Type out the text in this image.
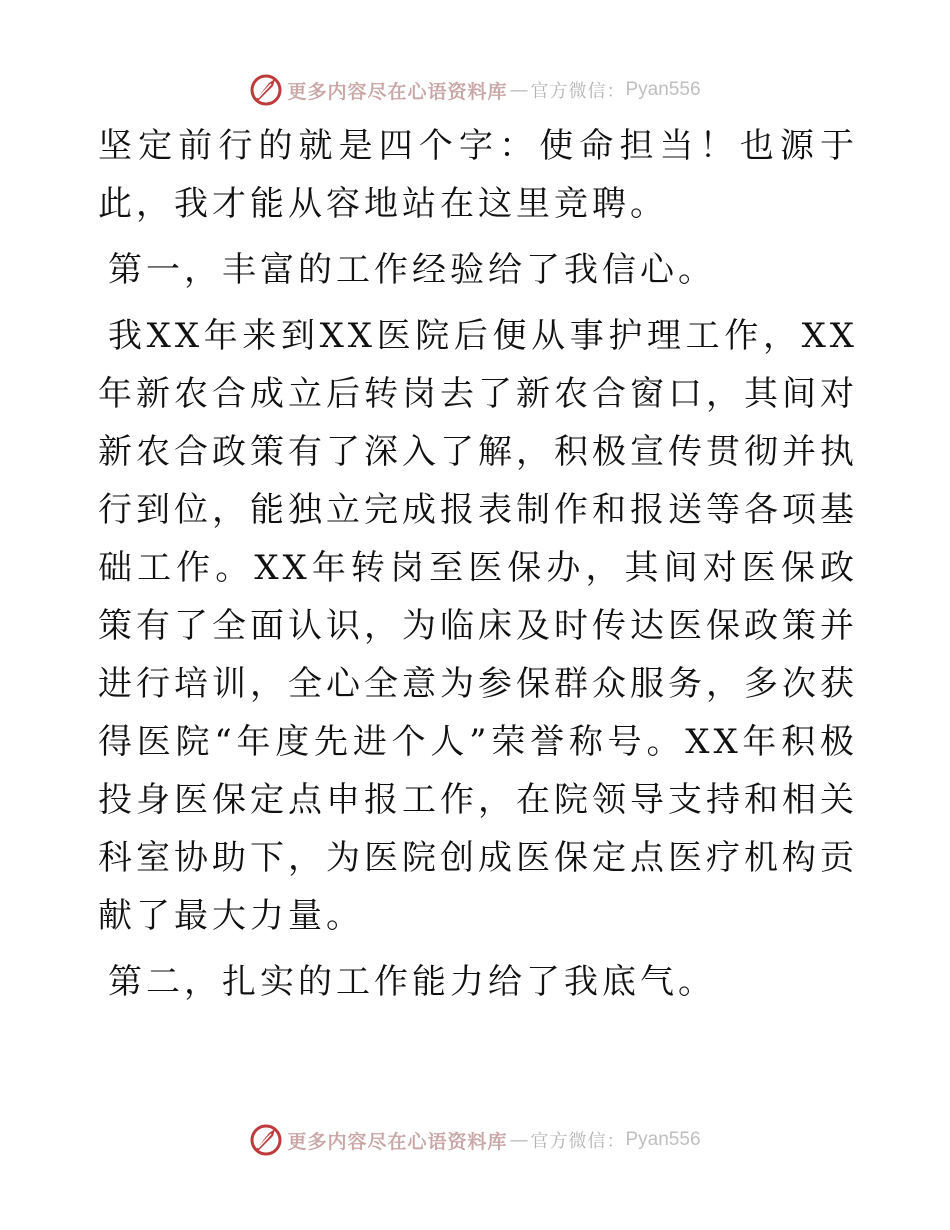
更多内容尽在心语资料库 — 官方微信： Pyan556

坚定前行的就是四个字：使命担当！也源于此，我才能从容地站在这里竞聘。

第一，丰富的工作经验给了我信心。

我XX年来到XX医院后便从事护理工作，XX年新农合成立后转岗去了新农合窗口，其间对新农合政策有了深入了解，积极宣传贯彻并执行到位，能独立完成报表制作和报送等各项基础工作。XX年转岗至医保办，其间对医保政策有了全面认识，为临床及时传达医保政策并进行培训，全心全意为参保群众服务，多次获得医院“年度先进个人”荣誉称号。XX年积极投身医保定点申报工作，在院领导支持和相关科室协助下，为医院创成医保定点医疗机构贡献了最大力量。

第二，扎实的工作能力给了我底气。

更多内容尽在心语资料库 — 官方微信： Pyan556
